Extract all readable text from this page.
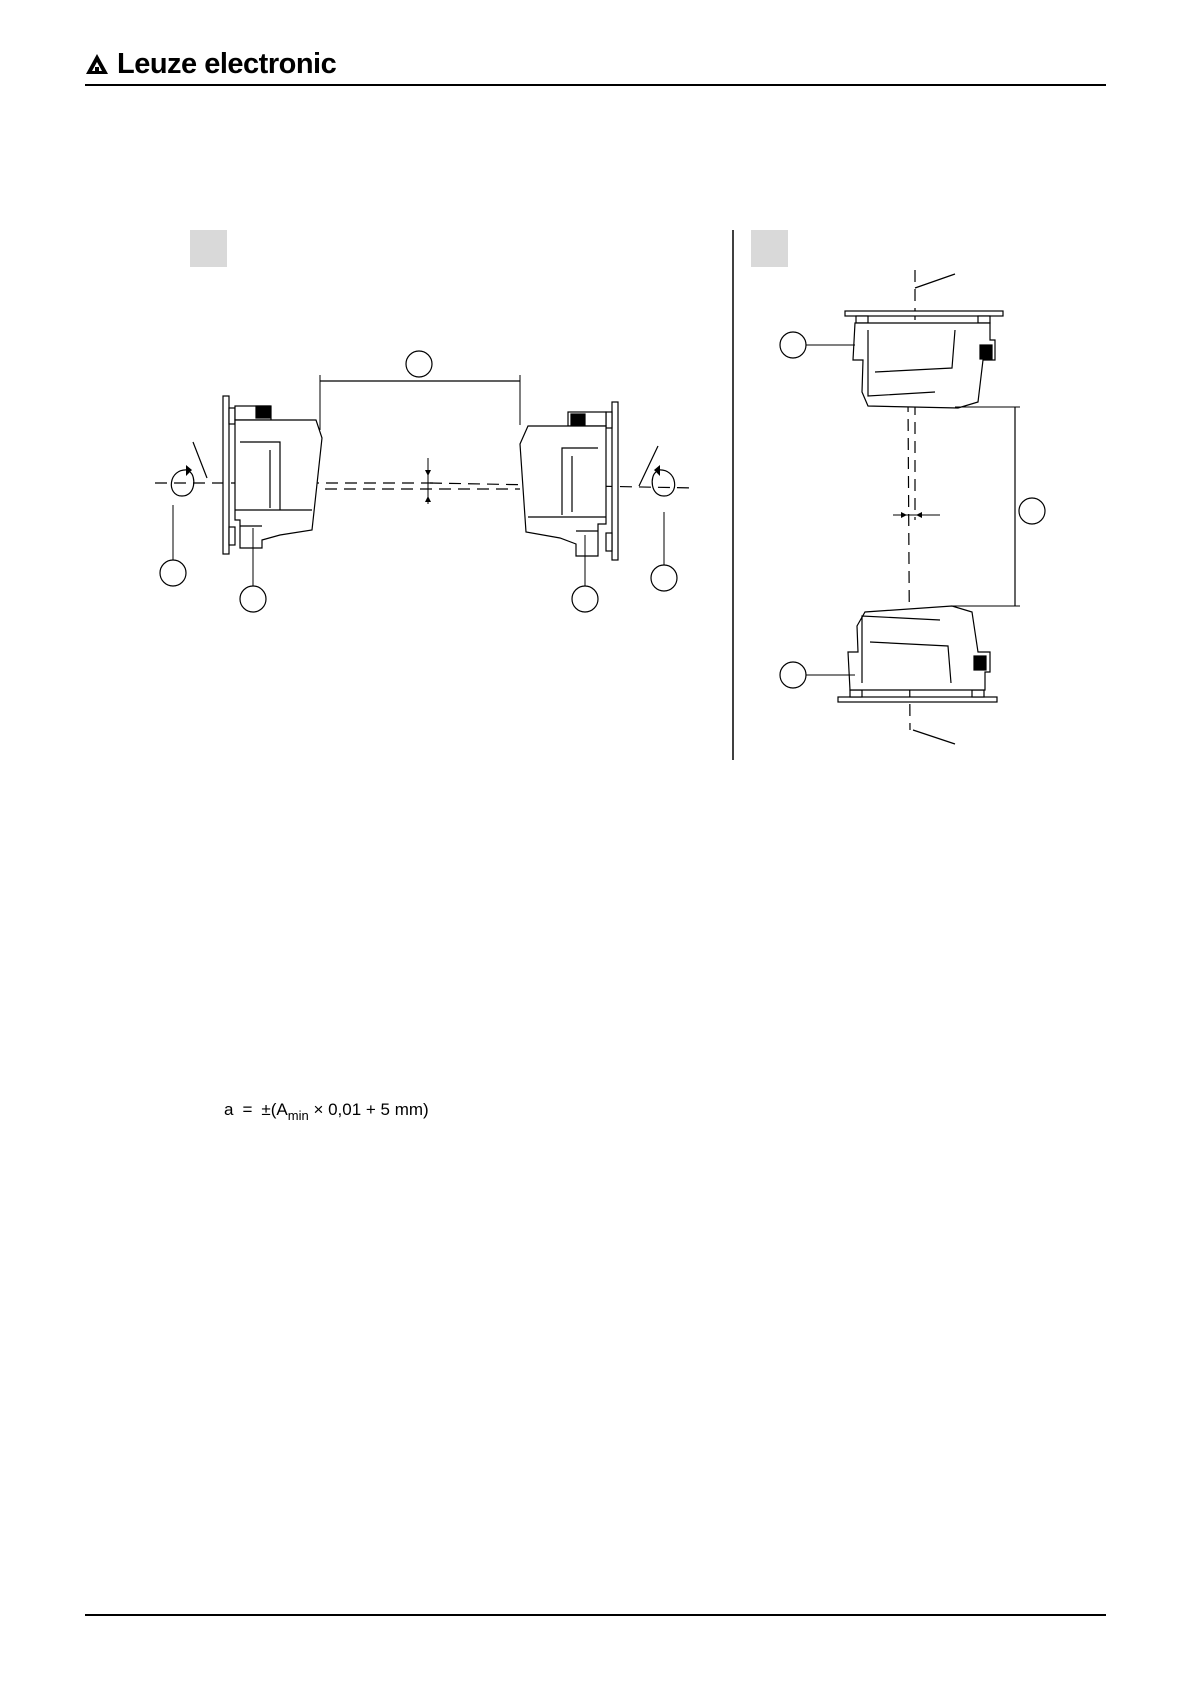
Leuze electronic
$a = \pm(A_{min} \times 0,01 + 5$ mm)
